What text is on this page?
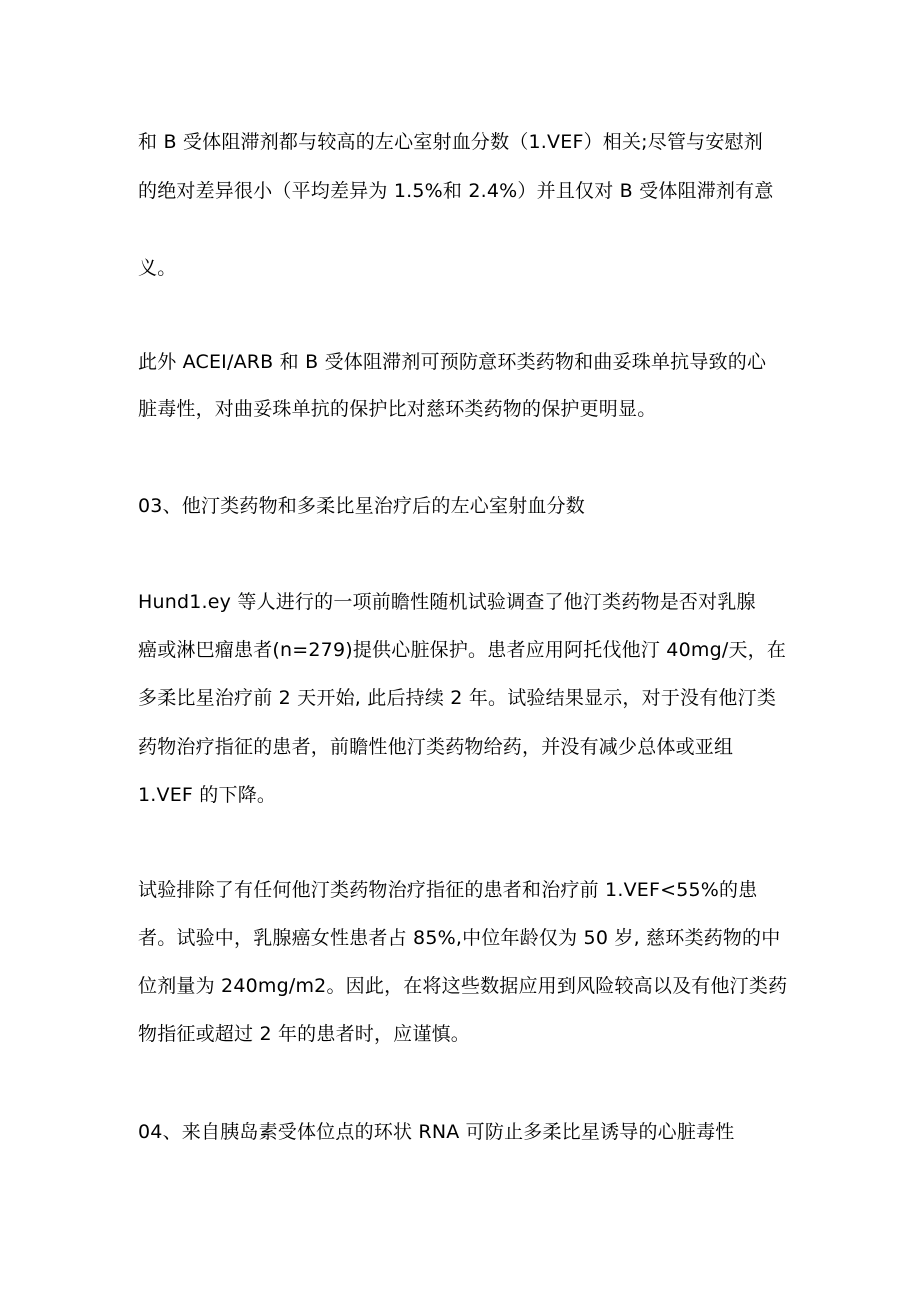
和 B 受体阻滞剂都与较高的左心室射血分数（1.VEF）相关;尽管与安慰剂

的绝对差异很小（平均差异为 1.5%和 2.4%）并且仅对 B 受体阻滞剂有意

义。

此外 ACEI/ARB 和 B 受体阻滞剂可预防意环类药物和曲妥珠单抗导致的心

脏毒性，对曲妥珠单抗的保护比对慈环类药物的保护更明显。

03、他汀类药物和多柔比星治疗后的左心室射血分数

Hund1.ey 等人进行的一项前瞻性随机试验调查了他汀类药物是否对乳腺

癌或淋巴瘤患者(n=279)提供心脏保护。患者应用阿托伐他汀 40mg∕天，在

多柔比星治疗前 2 天开始, 此后持续 2 年。试验结果显示，对于没有他汀类

药物治疗指征的患者，前瞻性他汀类药物给药，并没有减少总体或亚组

1.VEF 的下降。

试验排除了有任何他汀类药物治疗指征的患者和治疗前 1.VEF<55%的患

者。试验中，乳腺癌女性患者占 85%,中位年龄仅为 50 岁, 慈环类药物的中

位剂量为 240mg∕m2。因此，在将这些数据应用到风险较高以及有他汀类药

物指征或超过 2 年的患者时，应谨慎。

04、来自胰岛素受体位点的环状 RNA 可防止多柔比星诱导的心脏毒性
